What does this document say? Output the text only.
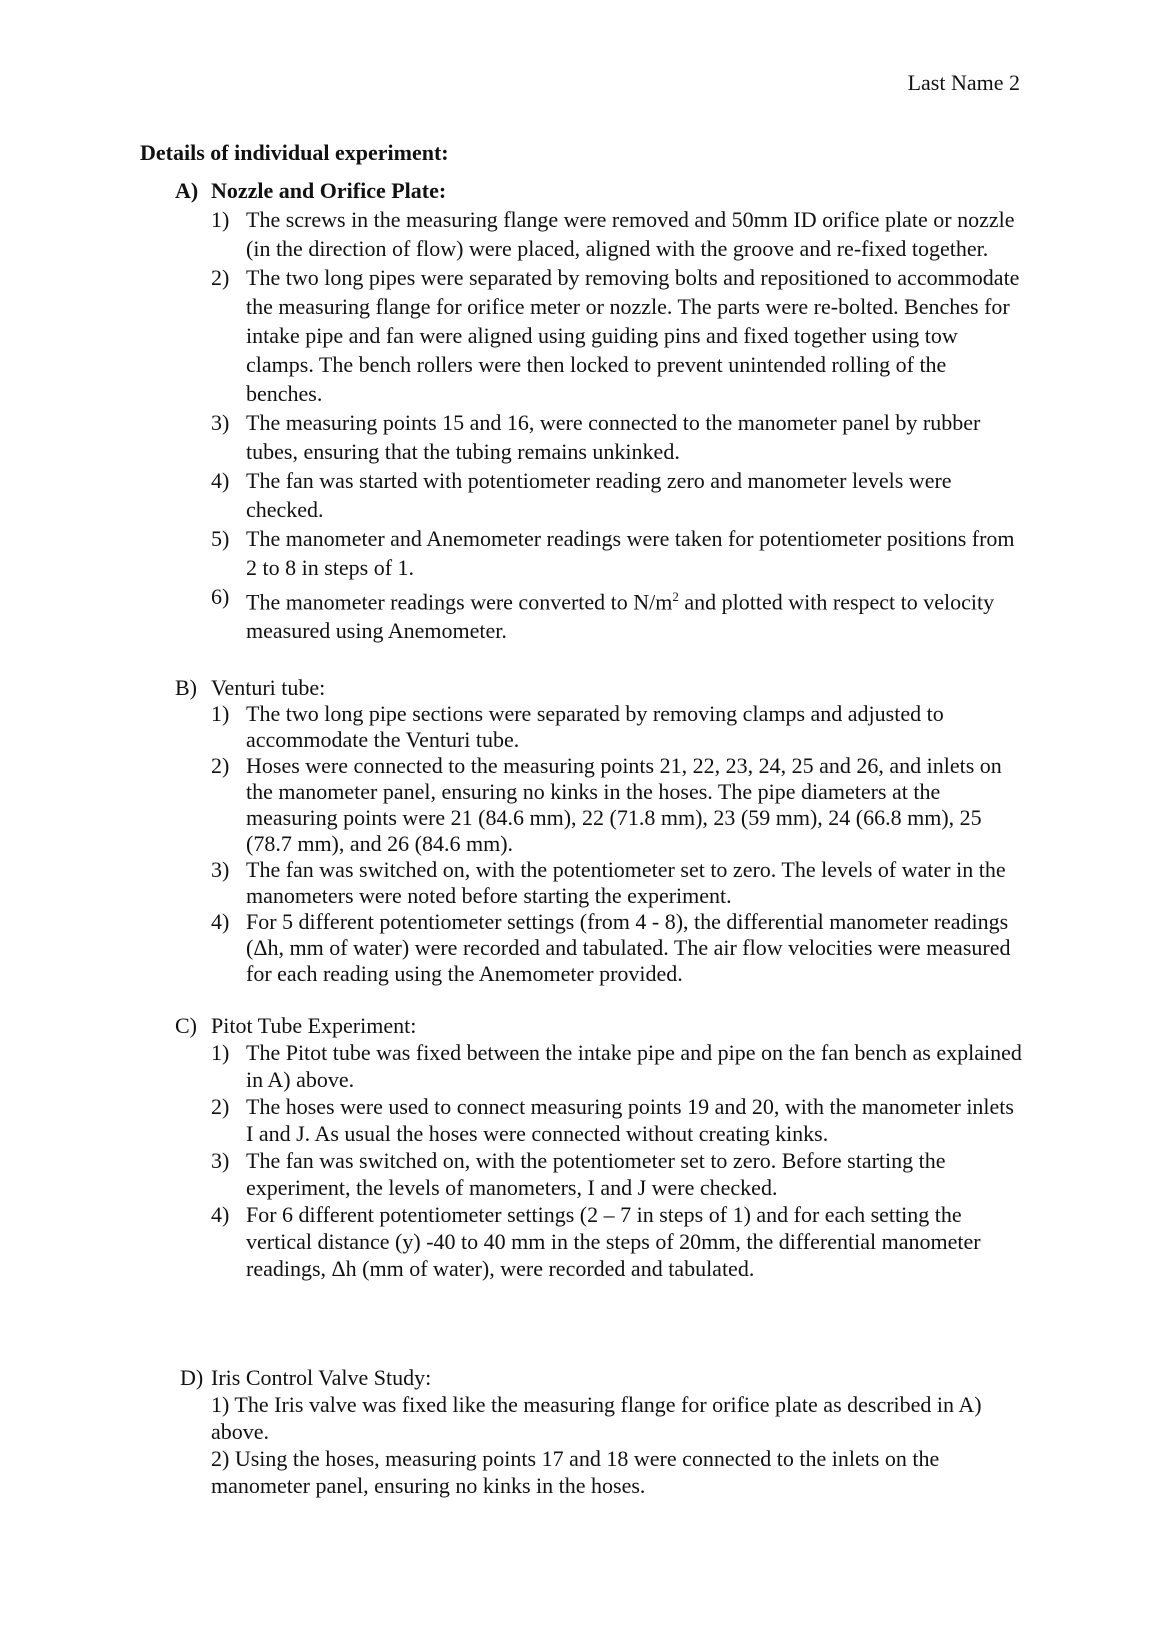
Last Name 2
Details of individual experiment:
A) Nozzle and Orifice Plate:
1) The screws in the measuring flange were removed and 50mm ID orifice plate or nozzle (in the direction of flow) were placed, aligned with the groove and re-fixed together.
2) The two long pipes were separated by removing bolts and repositioned to accommodate the measuring flange for orifice meter or nozzle. The parts were re-bolted. Benches for intake pipe and fan were aligned using guiding pins and fixed together using tow clamps. The bench rollers were then locked to prevent unintended rolling of the benches.
3) The measuring points 15 and 16, were connected to the manometer panel by rubber tubes, ensuring that the tubing remains unkinked.
4) The fan was started with potentiometer reading zero and manometer levels were checked.
5) The manometer and Anemometer readings were taken for potentiometer positions from 2 to 8 in steps of 1.
6) The manometer readings were converted to $N/m^2$ and plotted with respect to velocity measured using Anemometer.
B) Venturi tube:
1) The two long pipe sections were separated by removing clamps and adjusted to accommodate the Venturi tube.
2) Hoses were connected to the measuring points 21, 22, 23, 24, 25 and 26, and inlets on the manometer panel, ensuring no kinks in the hoses. The pipe diameters at the measuring points were 21 (84.6 mm), 22 (71.8 mm), 23 (59 mm), 24 (66.8 mm), 25 (78.7 mm), and 26 (84.6 mm).
3) The fan was switched on, with the potentiometer set to zero. The levels of water in the manometers were noted before starting the experiment.
4) For 5 different potentiometer settings (from 4 - 8), the differential manometer readings (Δh, mm of water) were recorded and tabulated. The air flow velocities were measured for each reading using the Anemometer provided.
C) Pitot Tube Experiment:
1) The Pitot tube was fixed between the intake pipe and pipe on the fan bench as explained in A) above.
2) The hoses were used to connect measuring points 19 and 20, with the manometer inlets I and J. As usual the hoses were connected without creating kinks.
3) The fan was switched on, with the potentiometer set to zero. Before starting the experiment, the levels of manometers, I and J were checked.
4) For 6 different potentiometer settings (2 – 7 in steps of 1) and for each setting the vertical distance (y) -40 to 40 mm in the steps of 20mm, the differential manometer readings, Δh (mm of water), were recorded and tabulated.
D) Iris Control Valve Study:
1) The Iris valve was fixed like the measuring flange for orifice plate as described in A) above.
2) Using the hoses, measuring points 17 and 18 were connected to the inlets on the manometer panel, ensuring no kinks in the hoses.
